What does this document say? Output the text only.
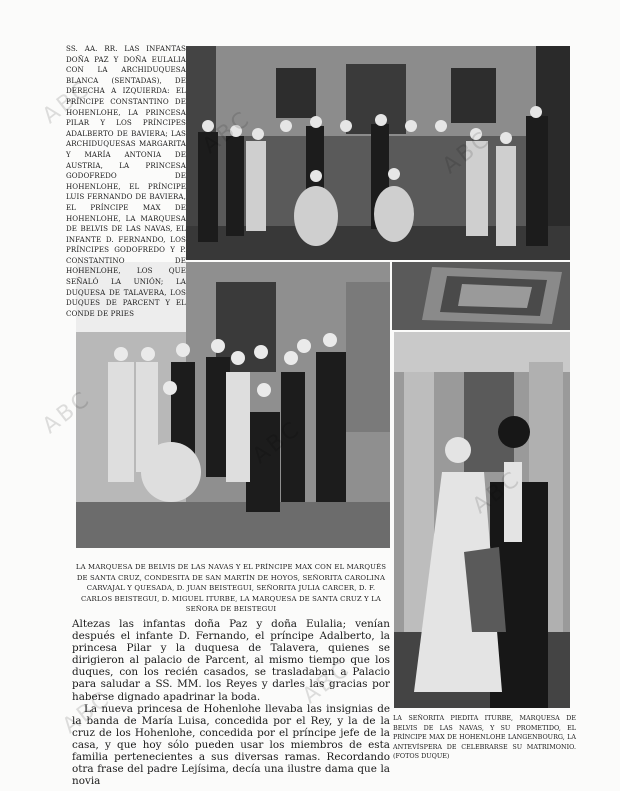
SS. AA. RR. LAS INFANTAS DOÑA PAZ Y DOÑA EULALIA CON LA ARCHIDUQUESA BLANCA (SENTADAS), DE DERECHA A IZQUIERDA: EL PRÍNCIPE CONSTANTINO DE HOHENLOHE, LA PRINCESA PILAR Y LOS PRÍNCIPES ADALBERTO DE BAVIERA; LAS ARCHIDUQUESAS MARGARITA Y MARÍA ANTONIA DE AUSTRIA, LA PRINCESA GODOFREDO DE HOHENLOHE, EL PRÍNCIPE LUIS FERNANDO DE BAVIERA, EL PRÍNCIPE MAX DE HOHENLOHE, LA MARQUESA DE BELVIS DE LAS NAVAS, EL INFANTE D. FERNANDO, LOS PRÍNCIPES GODOFREDO Y P. CONSTANTINO DE HOHENLOHE, LOS QUE SEÑALÓ LA UNIÓN; LA DUQUESA DE TALAVERA, LOS DUQUES DE PARCENT Y EL CONDE DE PRIES
LA MARQUESA DE BELVIS DE LAS NAVAS Y EL PRÍNCIPE MAX CON EL MARQUÉS DE SANTA CRUZ, CONDESITA DE SAN MARTÍN DE HOYOS, SEÑORITA CAROLINA CARVAJAL Y QUESADA, D. JUAN BEISTEGUI, SEÑORITA JULIA CARCER, D. F. CARLOS BEISTEGUI, D. MIGUEL ITURBE, LA MARQUESA DE SANTA CRUZ Y LA SEÑORA DE BEISTEGUI

Altezas las infantas doña Paz y doña Eulalia; venían después el infante D. Fernando, el príncipe Adalberto, la princesa Pilar y la duquesa de Talavera, quienes se dirigieron al palacio de Parcent, al mismo tiempo que los duques, con los recién casados, se trasladaban a Palacio para saludar a SS. MM. los Reyes y darles las gracias por haberse dignado apadrinar la boda.

La nueva princesa de Hohenlohe llevaba las insignias de la banda de María Luisa, concedida por el Rey, y la de la cruz de los Hohenlohe, concedida por el príncipe jefe de la casa, y que hoy sólo pueden usar los miembros de esta familia pertenecientes a sus diversas ramas. Recordando otra frase del padre Lejísima, decía una ilustre dama que la novia

LA SEÑORITA PIEDITA ITURBE, MARQUESA DE BELVIS DE LAS NAVAS, Y SU PROMETIDO, EL PRÍNCIPE MAX DE HOHENLOHE LANGENBOURG, LA ANTEVÍSPERA DE CELEBRARSE SU MATRIMONIO. (FOTOS DUQUE)
ABC
ABC
ABC
ABC
